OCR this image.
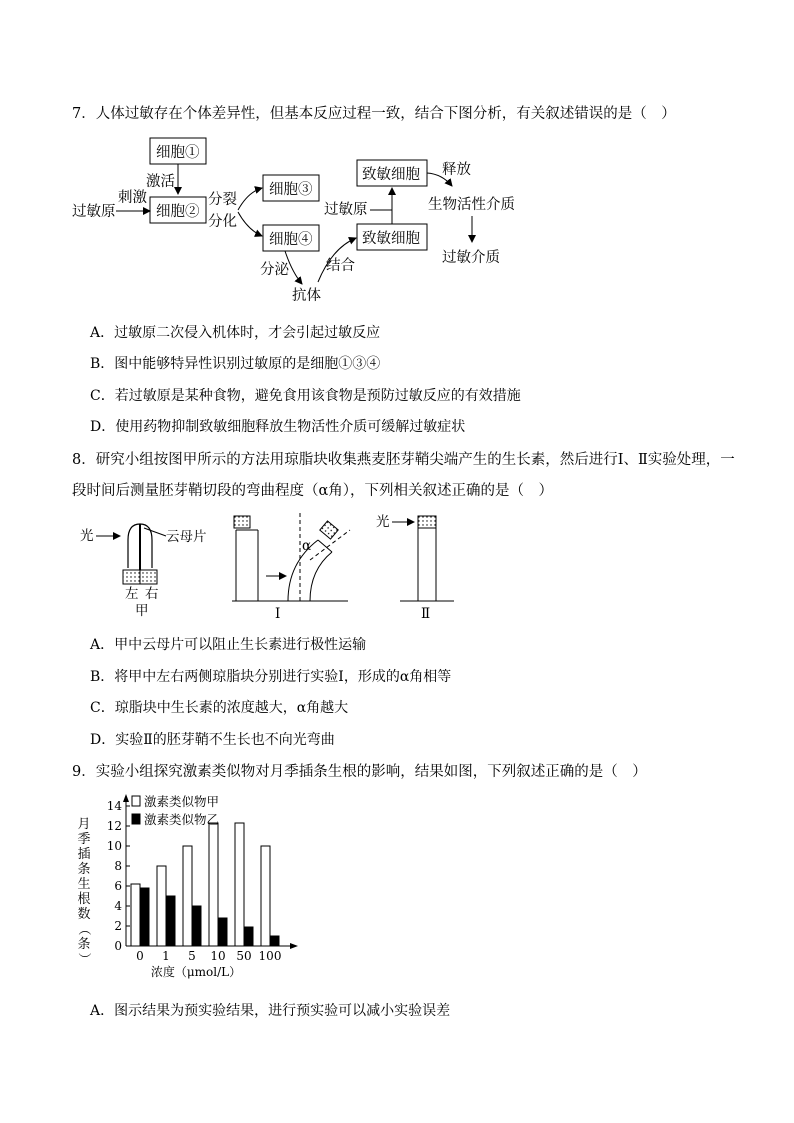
7．人体过敏存在个体差异性，但基本反应过程一致，结合下图分析，有关叙述错误的是（　）
细胞①
激活
过敏原
刺激
细胞②
分裂
分化
细胞③
细胞④
分泌
抗体
结合
致敏细胞
过敏原
致敏细胞 释放
生物活性介质
过敏介质
A．过敏原二次侵入机体时，才会引起过敏反应
B．图中能够特异性识别过敏原的是细胞①③④
C．若过敏原是某种食物，避免食用该食物是预防过敏反应的有效措施
D．使用药物抑制致敏细胞释放生物活性介质可缓解过敏症状
8．研究小组按图甲所示的方法用琼脂块收集燕麦胚芽鞘尖端产生的生长素，然后进行Ⅰ、Ⅱ实验处理，一
段时间后测量胚芽鞘切段的弯曲程度（α角），下列相关叙述正确的是（　）
光	云母片
左 右
甲
α
Ⅰ
光
Ⅱ
A．甲中云母片可以阻止生长素进行极性运输
B．将甲中左右两侧琼脂块分别进行实验Ⅰ，形成的α角相等
C．琼脂块中生长素的浓度越大，α角越大
D．实验Ⅱ的胚芽鞘不生长也不向光弯曲
9．实验小组探究激素类似物对月季插条生根的影响，结果如图，下列叙述正确的是（　）
0
2
4
6
8
10
12
14
0 1 5 10 50 100
浓度（μmol/L）
月
季
插
条
生
根
数
（
条
）
激素类似物甲
激素类似物乙
A．图示结果为预实验结果，进行预实验可以减小实验误差
